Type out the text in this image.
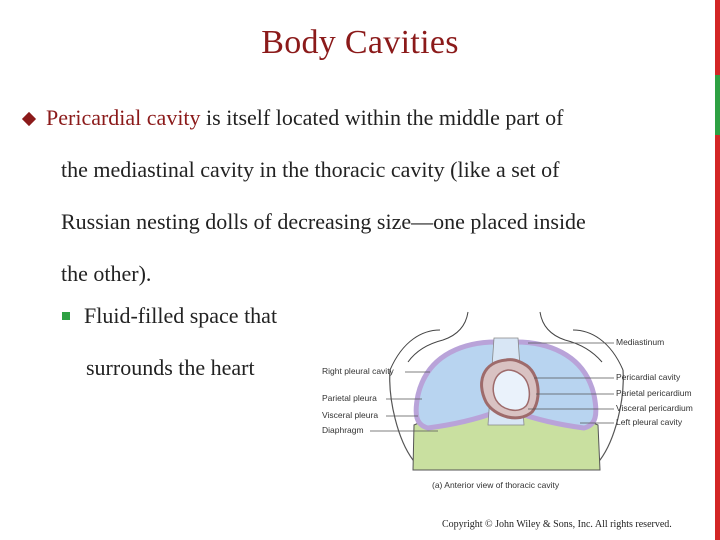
Body Cavities
Pericardial cavity is itself located within the middle part of
the mediastinal cavity in the thoracic cavity (like a set of
Russian nesting dolls of decreasing size—one placed inside
the other).
Fluid-filled space that
surrounds the heart	Right pleural cavity
Parietal pleura
Visceral pleura
Diaphragm
Mediastinum
Pericardial cavity
Parietal pericardium
Visceral pericardium
Left pleural cavity
(a) Anterior view of thoracic cavity
Copyright © John Wiley & Sons, Inc. All rights reserved.
